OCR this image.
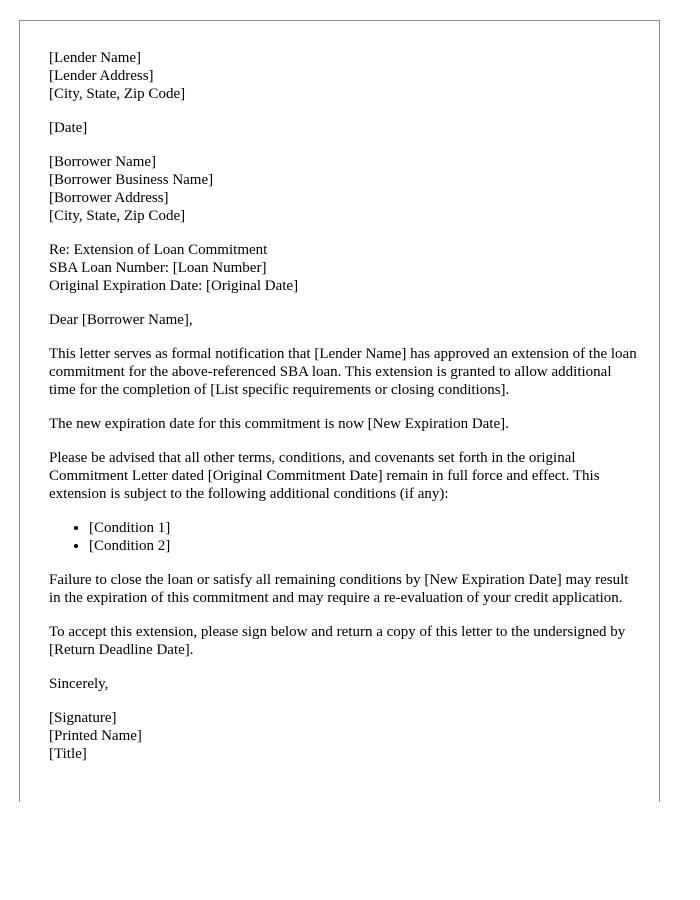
[Lender Name]
[Lender Address]
[City, State, Zip Code]
[Date]
[Borrower Name]
[Borrower Business Name]
[Borrower Address]
[City, State, Zip Code]
Re: Extension of Loan Commitment
SBA Loan Number: [Loan Number]
Original Expiration Date: [Original Date]

Dear [Borrower Name],

This letter serves as formal notification that [Lender Name] has approved an extension of the loan commitment for the above-referenced SBA loan. This extension is granted to allow additional time for the completion of [List specific requirements or closing conditions].

The new expiration date for this commitment is now [New Expiration Date].

Please be advised that all other terms, conditions, and covenants set forth in the original Commitment Letter dated [Original Commitment Date] remain in full force and effect. This extension is subject to the following additional conditions (if any):

• [Condition 1]
• [Condition 2]

Failure to close the loan or satisfy all remaining conditions by [New Expiration Date] may result in the expiration of this commitment and may require a re-evaluation of your credit application.

To accept this extension, please sign below and return a copy of this letter to the undersigned by [Return Deadline Date].

Sincerely,

[Signature]
[Printed Name]
[Title]
